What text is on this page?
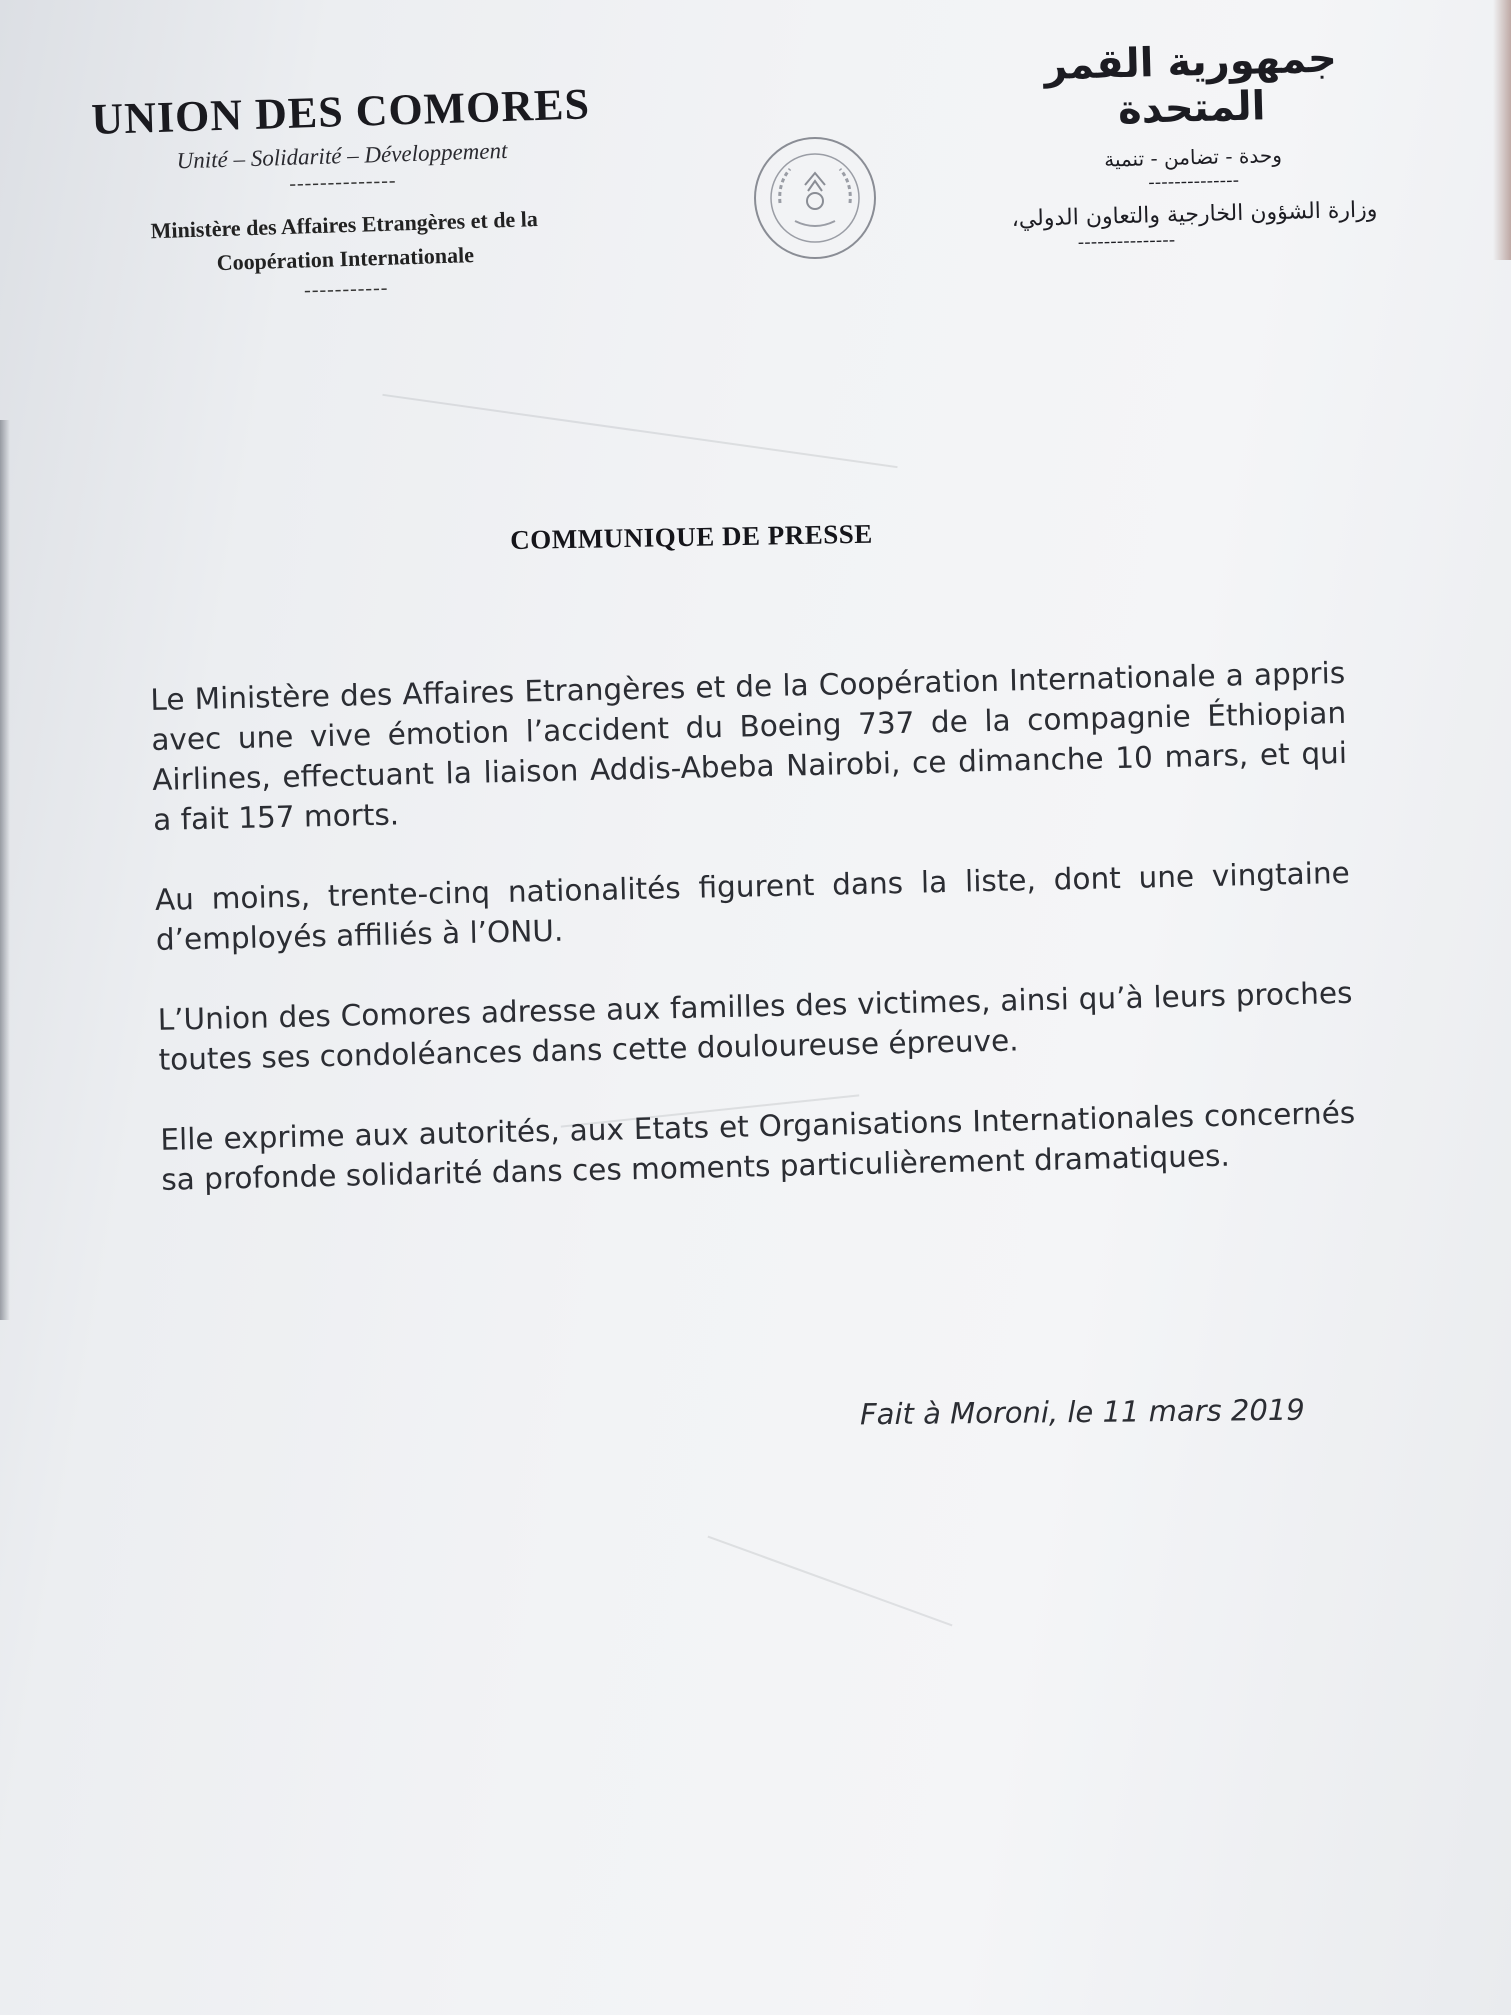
UNION DES COMORES
Unité – Solidarité – Développement
--------------
Ministère des Affaires Etrangères et de la
Coopération Internationale
-----------
جمهورية القمر المتحدة
وحدة - تضامن - تنمية
--------------
وزارة الشؤون الخارجية والتعاون الدولي،
---------------
COMMUNIQUE DE PRESSE

Le Ministère des Affaires Etrangères et de la Coopération Internationale a appris avec une vive émotion l’accident du Boeing 737 de la compagnie Éthiopian Airlines, effectuant la liaison Addis-Abeba Nairobi, ce dimanche 10 mars, et qui a fait 157 morts.

Au moins, trente-cinq nationalités figurent dans la liste, dont une vingtaine d’employés affiliés à l’ONU.

L’Union des Comores adresse aux familles des victimes, ainsi qu’à leurs proches toutes ses condoléances dans cette douloureuse épreuve.

Elle exprime aux autorités, aux Etats et Organisations Internationales concernés sa profonde solidarité dans ces moments particulièrement dramatiques.

Fait à Moroni, le 11 mars 2019
